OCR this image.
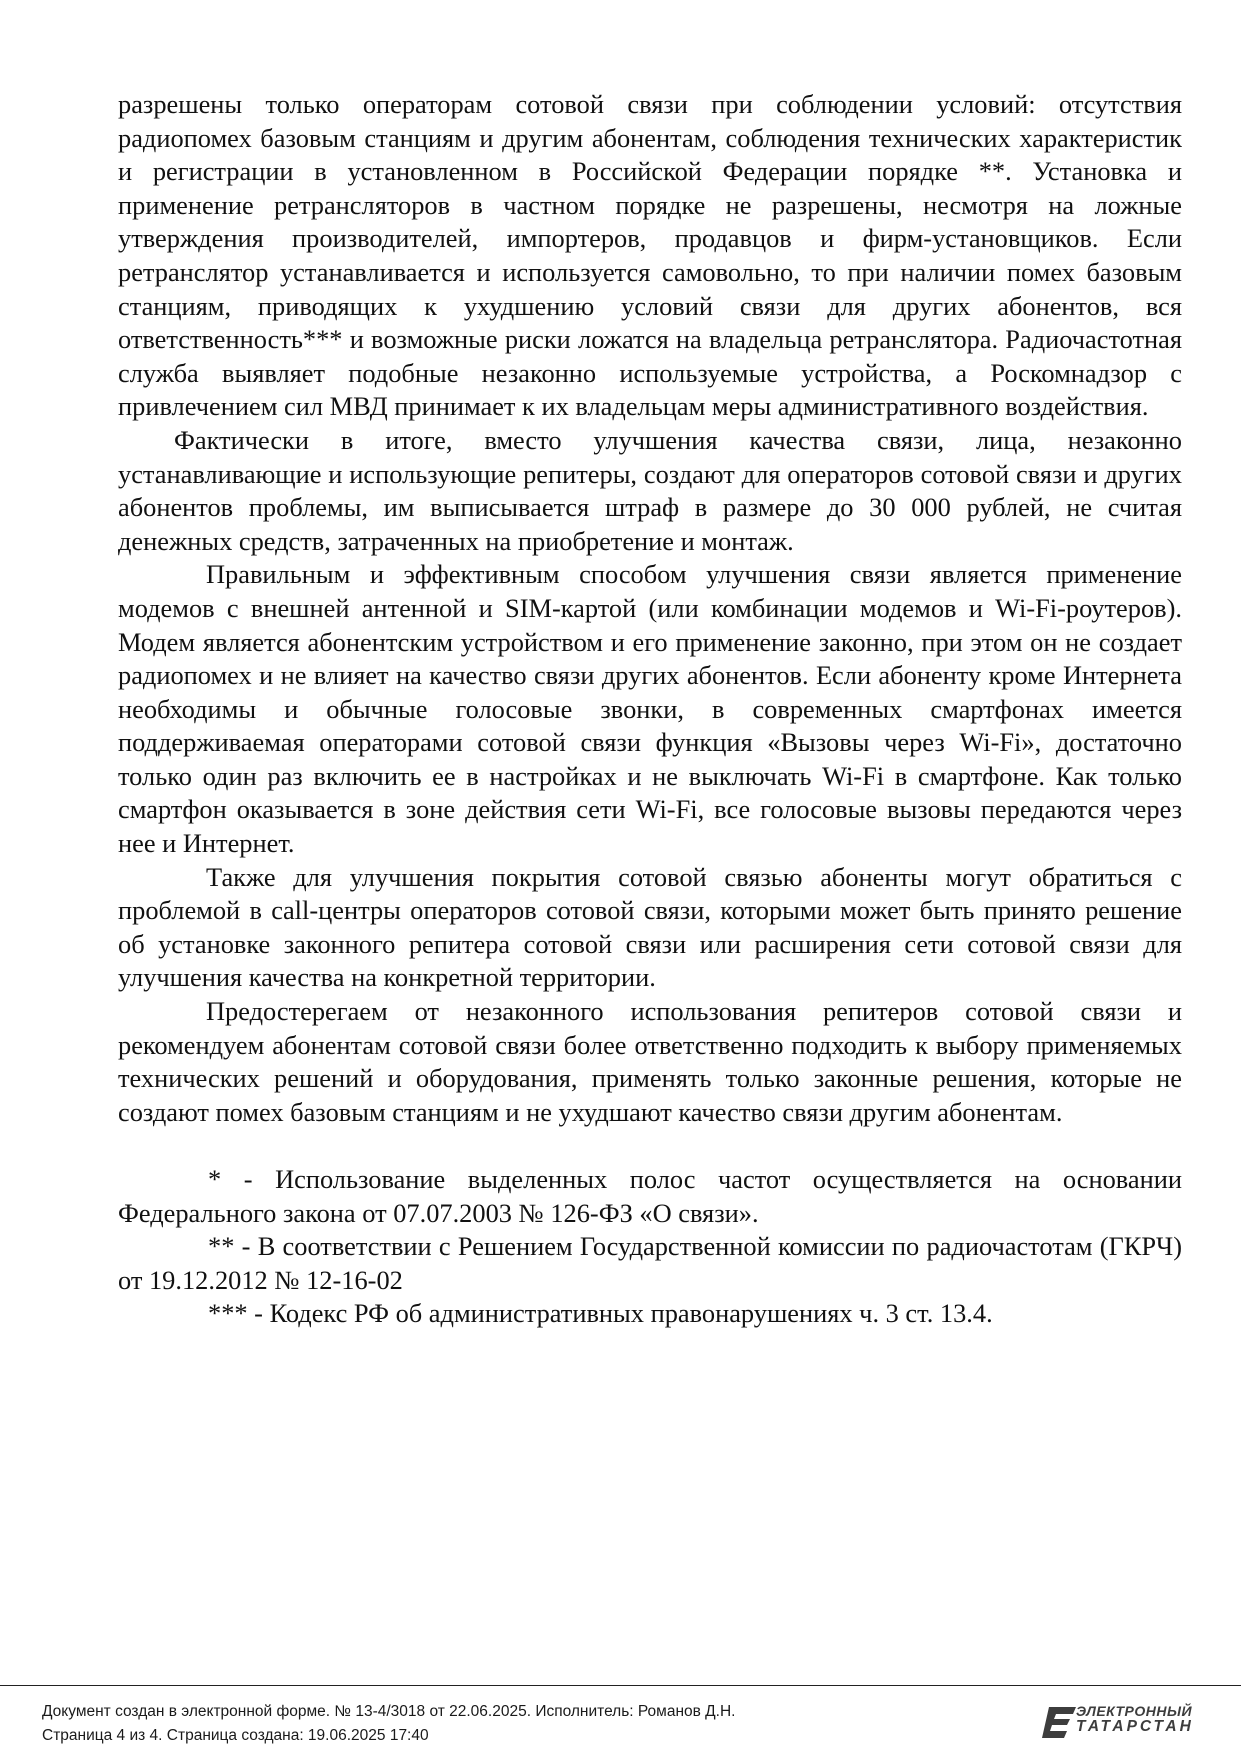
разрешены только операторам сотовой связи при соблюдении условий: отсутствия радиопомех базовым станциям и другим абонентам, соблюдения технических характеристик и регистрации в установленном в Российской Федерации порядке **. Установка и применение ретрансляторов в частном порядке не разрешены, несмотря на ложные утверждения производителей, импортеров, продавцов и фирм-установщиков. Если ретранслятор устанавливается и используется самовольно, то при наличии помех базовым станциям, приводящих к ухудшению условий связи для других абонентов, вся ответственность*** и возможные риски ложатся на владельца ретранслятора. Радиочастотная служба выявляет подобные незаконно используемые устройства, а Роскомнадзор с привлечением сил МВД принимает к их владельцам меры административного воздействия.

Фактически в итоге, вместо улучшения качества связи, лица, незаконно устанавливающие и использующие репитеры, создают для операторов сотовой связи и других абонентов проблемы, им выписывается штраф в размере до 30 000 рублей, не считая денежных средств, затраченных на приобретение и монтаж.

Правильным и эффективным способом улучшения связи является применение модемов с внешней антенной и SIM-картой (или комбинации модемов и Wi-Fi-роутеров). Модем является абонентским устройством и его применение законно, при этом он не создает радиопомех и не влияет на качество связи других абонентов. Если абоненту кроме Интернета необходимы и обычные голосовые звонки, в современных смартфонах имеется поддерживаемая операторами сотовой связи функция «Вызовы через Wi-Fi», достаточно только один раз включить ее в настройках и не выключать Wi-Fi в смартфоне. Как только смартфон оказывается в зоне действия сети Wi-Fi, все голосовые вызовы передаются через нее и Интернет.

Также для улучшения покрытия сотовой связью абоненты могут обратиться с проблемой в call-центры операторов сотовой связи, которыми может быть принято решение об установке законного репитера сотовой связи или расширения сети сотовой связи для улучшения качества на конкретной территории.

Предостерегаем от незаконного использования репитеров сотовой связи и рекомендуем абонентам сотовой связи более ответственно подходить к выбору применяемых технических решений и оборудования, применять только законные решения, которые не создают помех базовым станциям и не ухудшают качество связи другим абонентам.

* - Использование выделенных полос частот осуществляется на основании Федерального закона от 07.07.2003 № 126-ФЗ «О связи».

** - В соответствии с Решением Государственной комиссии по радиочастотам (ГКРЧ) от 19.12.2012 № 12-16-02

*** - Кодекс РФ об административных правонарушениях ч. 3 ст. 13.4.

Документ создан в электронной форме. № 13-4/3018 от 22.06.2025. Исполнитель: Романов Д.Н.
Страница 4 из 4. Страница создана: 19.06.2025 17:40
ЭЛЕКТРОННЫЙ
ТАТАРСТАН
